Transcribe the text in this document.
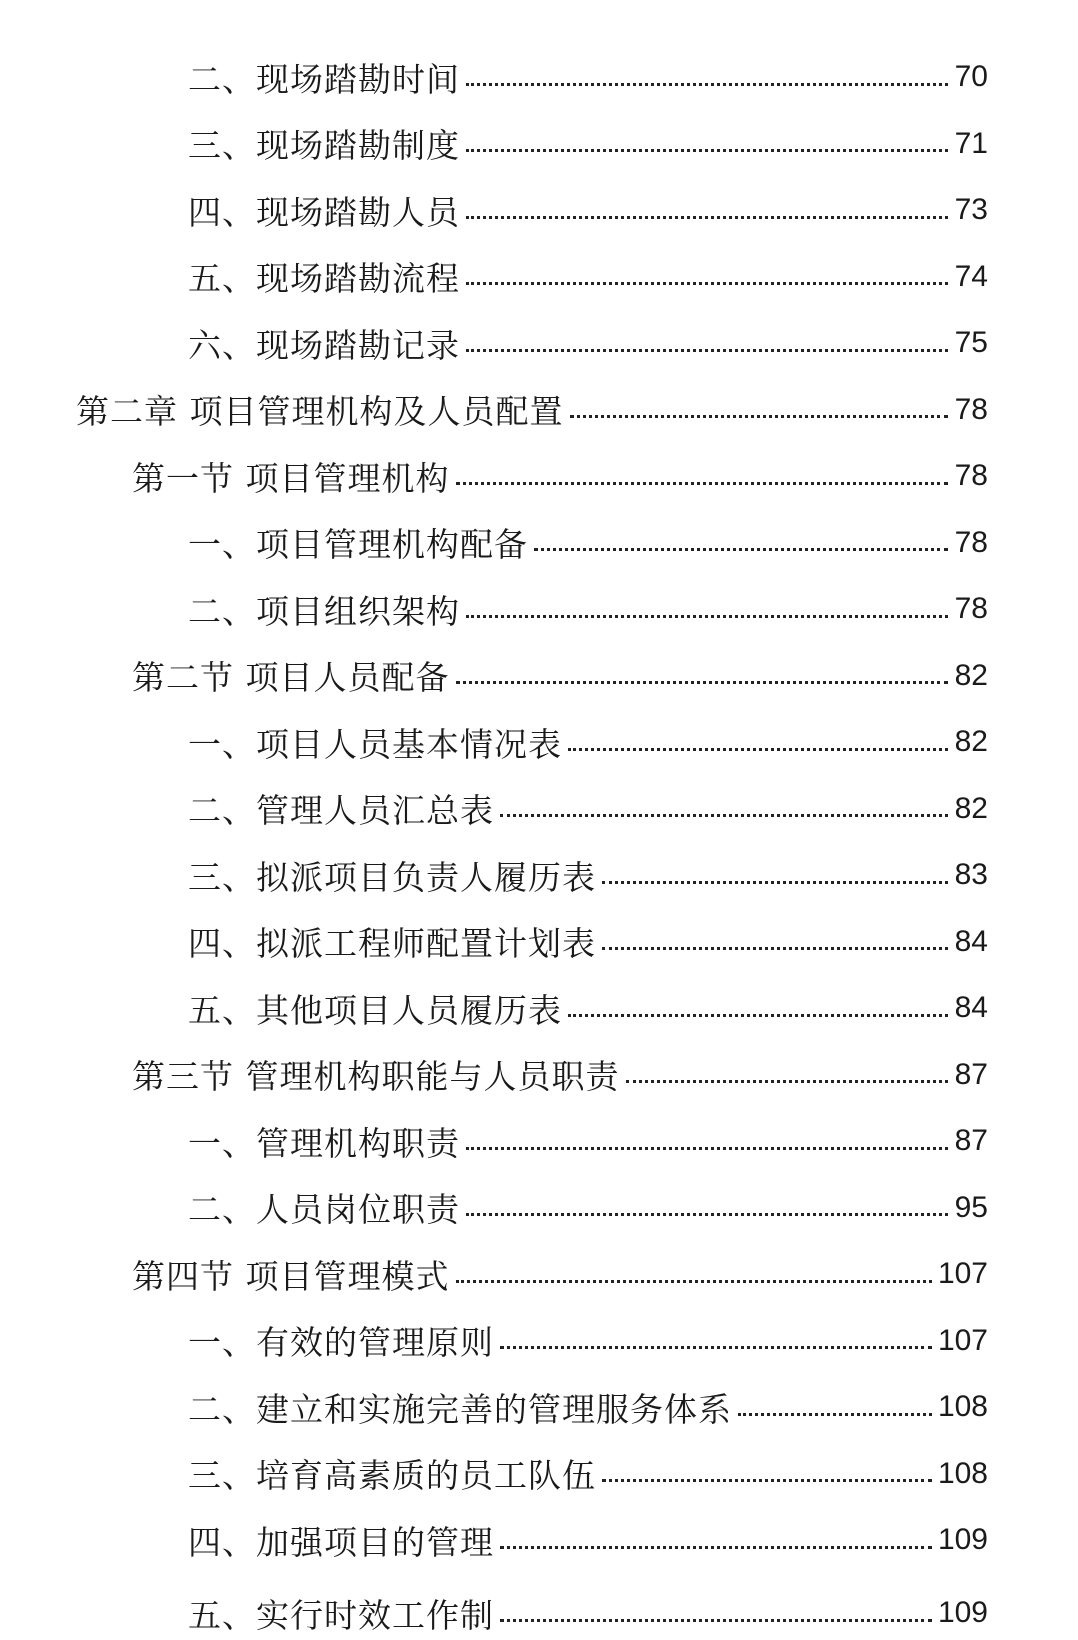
二、现场踏勘时间	70
三、现场踏勘制度	71
四、现场踏勘人员	73
五、现场踏勘流程	74
六、现场踏勘记录	75
第二章 项目管理机构及人员配置	78
第一节 项目管理机构	78
一、项目管理机构配备	78
二、项目组织架构	78
第二节 项目人员配备	82
一、项目人员基本情况表	82
二、管理人员汇总表	82
三、拟派项目负责人履历表	83
四、拟派工程师配置计划表	84
五、其他项目人员履历表	84
第三节 管理机构职能与人员职责	87
一、管理机构职责	87
二、人员岗位职责	95
第四节 项目管理模式	107
一、有效的管理原则	107
二、建立和实施完善的管理服务体系	108
三、培育高素质的员工队伍	108
四、加强项目的管理	109
五、实行时效工作制	109
